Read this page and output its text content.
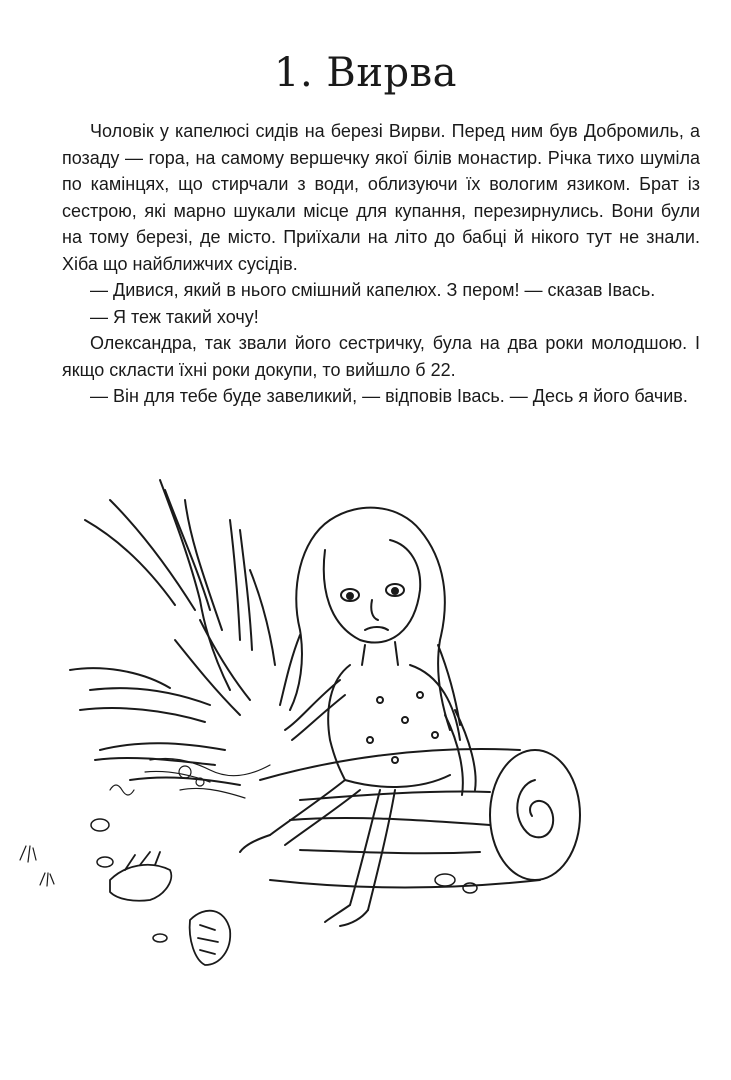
1. Вирва

Чоловік у капелюсі сидів на березі Вирви. Перед ним був Добромиль, а позаду — гора, на самому вершечку якої білів монастир. Річка тихо шуміла по камінцях, що стирчали з води, облизуючи їх вологим язиком. Брат із сестрою, які марно шукали місце для купання, перезирнулись. Вони були на тому березі, де місто. Приїхали на літо до бабці й нікого тут не знали. Хіба що найближчих сусідів.

— Дивися, який в нього смішний капелюх. З пером! — сказав Івась.

— Я теж такий хочу!

Олександра, так звали його сестричку, була на два роки молодшою. І якщо скласти їхні роки докупи, то вийшло б 22.

— Він для тебе буде завеликий, — відповів Івась. — Десь я його бачив.
